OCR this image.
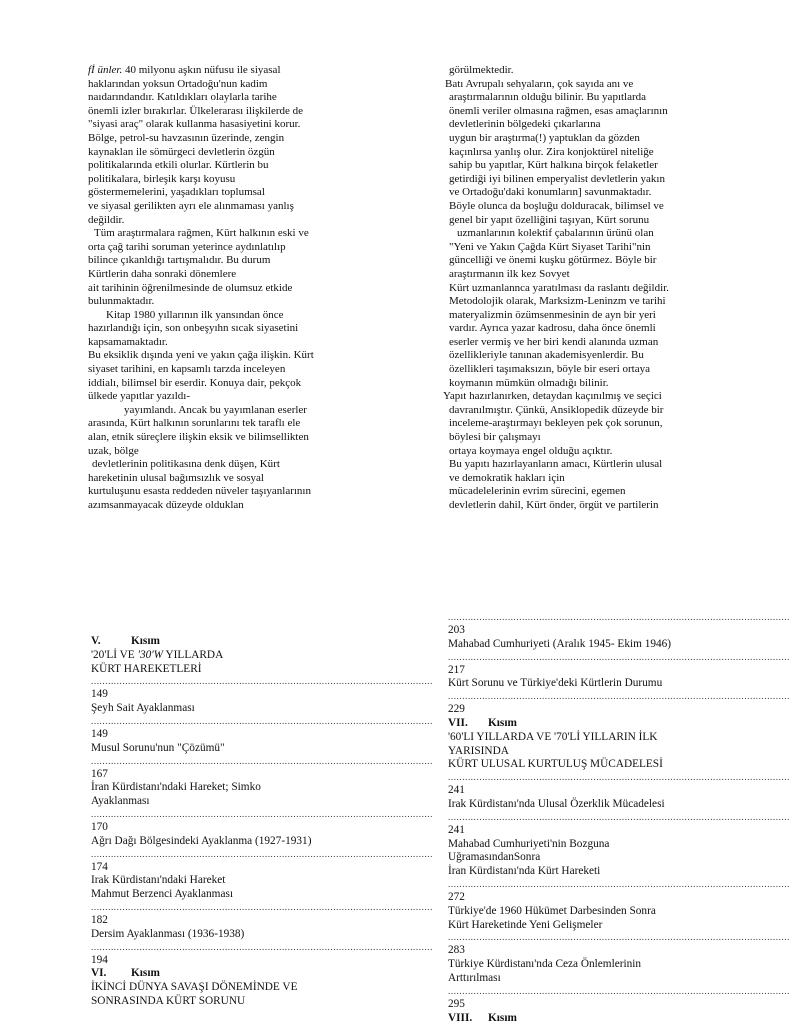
fİ ünler. 40 milyonu aşkın nüfusu ile siyasal
haklarından yoksun Ortadoğu'nun kadim
naıdarındandır. Katıldıkları olaylarla tarihe
önemli izler bırakırlar. Ülkelerarası ilişkilerde de
"siyasi araç" olarak kullanma hasasiyetini korur.
Bölge, petrol-su havzasının üzerinde, zengin
kaynaklan ile sömürgeci devletlerin özgün
politikalarında etkili olurlar. Kürtlerin bu
politikalara, birleşik karşı koyusu
göstermemelerini, yaşadıkları toplumsal
ve siyasal gerilikten ayrı ele alınmaması yanlış
değildir.
Tüm araştırmalara rağmen, Kürt halkının eski ve
orta çağ tarihi soruman yeterince aydınlatılıp
bilince çıkanldığı tartışmalıdır. Bu durum
Kürtlerin daha sonraki dönemlere
ait tarihinin öğrenilmesinde de olumsuz etkide
bulunmaktadır.
Kitap 1980 yıllarının ilk yansından önce
hazırlandığı için, son onbeşyıhn sıcak siyasetini
kapsamamaktadır.
Bu eksiklik dışında yeni ve yakın çağa ilişkin. Kürt
siyaset tarihini, en kapsamlı tarzda inceleyen
iddialı, bilimsel bir eserdir. Konuya dair, pekçok
ülkede yapıtlar yazıldı-
yayımlandı. Ancak bu yayımlanan eserler
arasında, Kürt halkının sorunlarını tek taraflı ele
alan, etnik süreçlere ilişkin eksik ve bilimsellikten
uzak, bölge
devletlerinin politikasına denk düşen, Kürt
hareketinin ulusal bağımsızlık ve sosyal
kurtuluşunu esasta reddeden nüveler taşıyanlarının
azımsanmayacak düzeyde olduklan
görülmektedir.
Batı Avrupalı sehyaların, çok sayıda anı ve
araştırmalarının olduğu bilinir. Bu yapıtlarda
önemli veriler olmasına rağmen, esas amaçlarının
devletlerinin bölgedeki çıkarlarına
uygun bir araştırma(!) yaptuklan da gözden
kaçınlırsa yanlış olur. Zira konjoktürel niteliğe
sahip bu yapıtlar, Kürt halkına birçok felaketler
getirdiği iyi bilinen emperyalist devletlerin yakın
ve Ortadoğu'daki konumların] savunmaktadır.
Böyle olunca da boşluğu dolduracak, bilimsel ve
genel bir yapıt özelliğini taşıyan, Kürt sorunu
uzmanlarının kolektif çabalarının ürünü olan
"Yeni ve Yakın Çağda Kürt Siyaset Tarihi"nin
güncelliği ve önemi kuşku götürmez. Böyle bir
araştırmanın ilk kez Sovyet
Kürt uzmanlannca yaratılması da raslantı değildir.
Metodolojik olarak, Marksizm-Leninzm ve tarihi
materyalizmin özümsenmesinin de ayn bir yeri
vardır. Ayrıca yazar kadrosu, daha önce önemli
eserler vermiş ve her biri kendi alanında uzman
özellikleriyle tanınan akademisyenlerdir. Bu
özellikleri taşımaksızın, böyle bir eseri ortaya
koymanın mümkün olmadığı bilinir.
Yapıt hazırlanırken, detaydan kaçınılmış ve seçici
davranılmıştır. Çünkü, Ansiklopedik düzeyde bir
inceleme-araştırmayı bekleyen pek çok sorunun,
böylesi bir çalışmayı
ortaya koymaya engel olduğu açıktır.
Bu yapıtı hazırlayanların amacı, Kürtlerin ulusal
ve demokratik hakları için
mücadelelerinin evrim sürecini, egemen
devletlerin dahil, Kürt önder, örgüt ve partilerin
V.	Kısım
'20'Lİ VE '30'W YILLARDA
KÜRT HAREKETLERİ
........................................................................................................................
149
Şeyh Sait Ayaklanması
........................................................................................................................
149
Musul Sorunu'nun "Çözümü"
........................................................................................................................
167
İran Kürdistanı'ndaki Hareket; Simko
Ayaklanması
........................................................................................................................
170
Ağrı Dağı Bölgesindeki Ayaklanma (1927-1931)
........................................................................................................................
174
Irak Kürdistanı'ndaki Hareket
Mahmut Berzenci Ayaklanması
........................................................................................................................
182
Dersim Ayaklanması (1936-1938)
........................................................................................................................
194
VI. Kısım
İKİNCİ DÜNYA SAVAŞI DÖNEMİNDE VE
SONRASINDA KÜRT SORUNU
........................................................................................................................
203
Mahabad Cumhuriyeti (Aralık 1945- Ekim 1946)
........................................................................................................................
217
Kürt Sorunu ve Türkiye'deki Kürtlerin Durumu
........................................................................................................................
229
VII. Kısım
'60'LI YILLARDA VE '70'Lİ YILLARIN İLK
YARISINDA
KÜRT ULUSAL KURTULUŞ MÜCADELESİ
........................................................................................................................
241
Irak Kürdistanı'nda Ulusal Özerklik Mücadelesi
........................................................................................................................
241
Mahabad Cumhuriyeti'nin Bozguna
UğramasındanSonra
İran Kürdistanı'nda Kürt Hareketi
........................................................................................................................
272
Türkiye'de 1960 Hükümet Darbesinden Sonra
Kürt Hareketinde Yeni Gelişmeler
........................................................................................................................
283
Türkiye Kürdistanı'nda Ceza Önlemlerinin
Arttırılması
........................................................................................................................
295
VIII. Kısım
